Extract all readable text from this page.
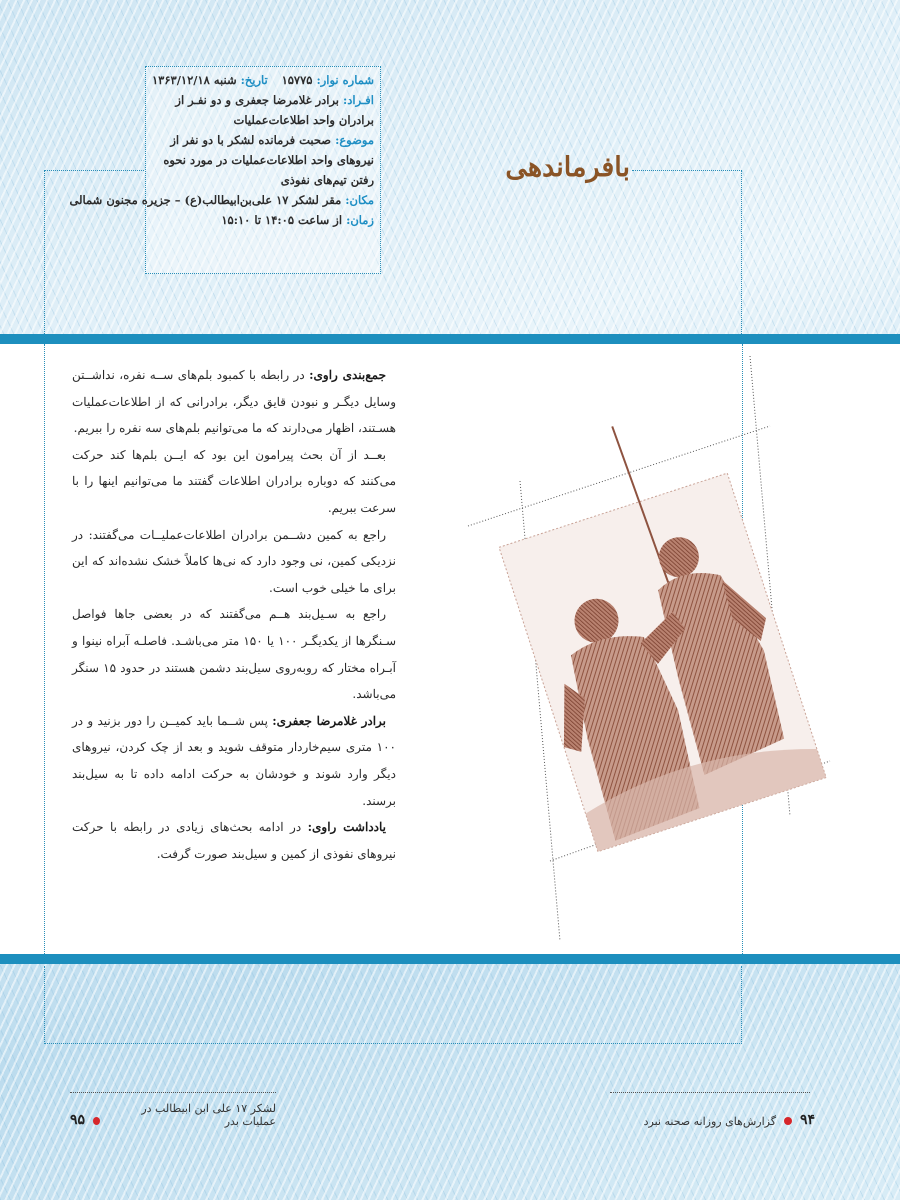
شماره نوار: ۱۵۷۷۵
تاریخ: شنبه ۱۳۶۳/۱۲/۱۸
افـراد: برادر غلامرضا جعفری و دو نفـر از برادران واحد اطلاعات‌عملیات
موضوع: صحبت فرمانده لشکر با دو نفر از نیروهای واحد اطلاعات‌عملیات در مورد نحوه رفتن تیم‌های نفوذی
مکان: مقر لشکر ۱۷ علی‌بن‌ابیطالب(ع) – جزیره مجنون شمالی
زمان: از ساعت ۱۴:۰۵ تا ۱۵:۱۰
بافرماندهی

جمع‌بندی راوی: در رابطه با کمبود بلم‌های ســه نفره، نداشــتن وسایل دیگـر و نبودن قایق دیگر، برادرانی که از اطلاعات‌عملیات هسـتند، اظهار می‌دارند که ما می‌توانیم بلم‌های سه نفره را ببریم.

بعــد از آن بحث پیرامون این بود که ایــن بلم‌ها کند حرکت می‌کنند که دوباره برادران اطلاعات گفتند ما می‌توانیم اینها را با سرعت ببریم.

راجع به کمین دشــمن برادران اطلاعات‌عملیــات می‌گفتند: در نزدیکی کمین، نی وجود دارد که نی‌ها کاملاً خشک نشده‌اند که این برای ما خیلی خوب است.

راجع به سـیل‌بند هــم می‌گفتند که در بعضی جاها فواصل سـنگرها از یکدیگـر ۱۰۰ یا ۱۵۰ متر می‌باشـد. فاصلـه آبراه نینوا و آبـراه مختار که روبه‌روی سیل‌بند دشمن هستند در حدود ۱۵ سنگر می‌باشد.

برادر غلامرضا جعفری: پس شــما باید کمیــن را دور بزنید و در ۱۰۰ متری سیم‌خاردار متوقف شوید و بعد از چک کردن، نیروهای دیگر وارد شوند و خودشان به حرکت ادامه داده تا به سیل‌بند برسند.

یادداشت راوی: در ادامه بحث‌های زیادی در رابطه با حرکت نیروهای نفوذی از کمین و سیل‌بند صورت گرفت.

لشکر ۱۷ علی ابن ابیطالب در عملیات بدر
۹۵	۹۴
گزارش‌های روزانه صحنه نبرد
